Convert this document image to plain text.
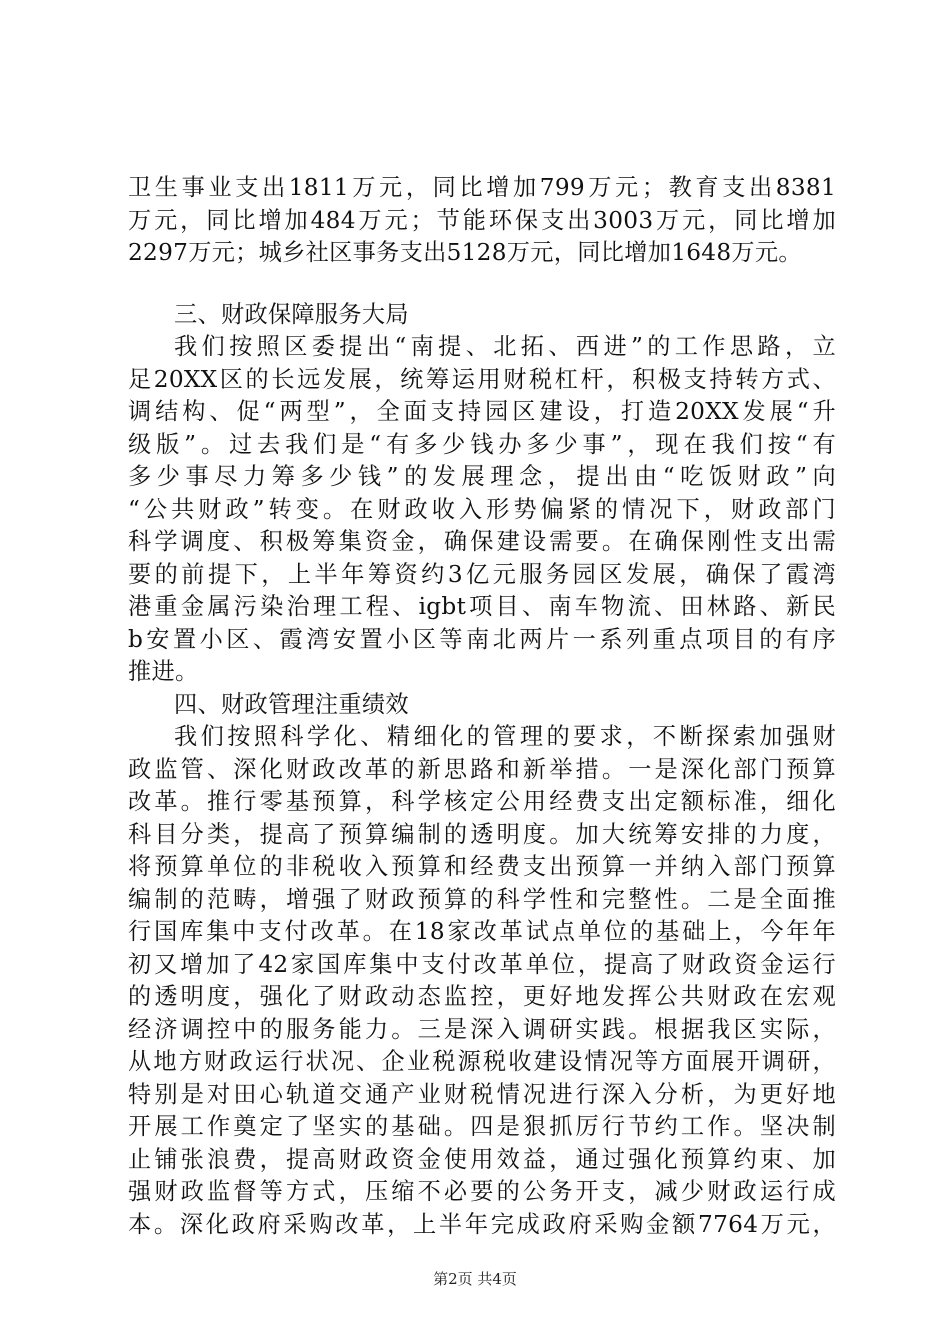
卫生事业支出1811万元，同比增加799万元；教育支出8381
万元，同比增加484万元；节能环保支出3003万元，同比增加
2297万元；城乡社区事务支出5128万元，同比增加1648万元。
三、财政保障服务大局
我们按照区委提出“南提、北拓、西进”的工作思路，立
足20XX区的长远发展，统筹运用财税杠杆，积极支持转方式、
调结构、促“两型”，全面支持园区建设，打造20XX发展“升
级版”。过去我们是“有多少钱办多少事”，现在我们按“有
多少事尽力筹多少钱”的发展理念，提出由“吃饭财政”向
“公共财政”转变。在财政收入形势偏紧的情况下，财政部门
科学调度、积极筹集资金，确保建设需要。在确保刚性支出需
要的前提下，上半年筹资约3亿元服务园区发展，确保了霞湾
港重金属污染治理工程、igbt项目、南车物流、田林路、新民
b安置小区、霞湾安置小区等南北两片一系列重点项目的有序
推进。
四、财政管理注重绩效
我们按照科学化、精细化的管理的要求，不断探索加强财
政监管、深化财政改革的新思路和新举措。一是深化部门预算
改革。推行零基预算，科学核定公用经费支出定额标准，细化
科目分类，提高了预算编制的透明度。加大统筹安排的力度，
将预算单位的非税收入预算和经费支出预算一并纳入部门预算
编制的范畴，增强了财政预算的科学性和完整性。二是全面推
行国库集中支付改革。在18家改革试点单位的基础上，今年年
初又增加了42家国库集中支付改革单位，提高了财政资金运行
的透明度，强化了财政动态监控，更好地发挥公共财政在宏观
经济调控中的服务能力。三是深入调研实践。根据我区实际，
从地方财政运行状况、企业税源税收建设情况等方面展开调研，
特别是对田心轨道交通产业财税情况进行深入分析，为更好地
开展工作奠定了坚实的基础。四是狠抓厉行节约工作。坚决制
止铺张浪费，提高财政资金使用效益，通过强化预算约束、加
强财政监督等方式，压缩不必要的公务开支，减少财政运行成
本。深化政府采购改革，上半年完成政府采购金额7764万元，
第2页 共4页
